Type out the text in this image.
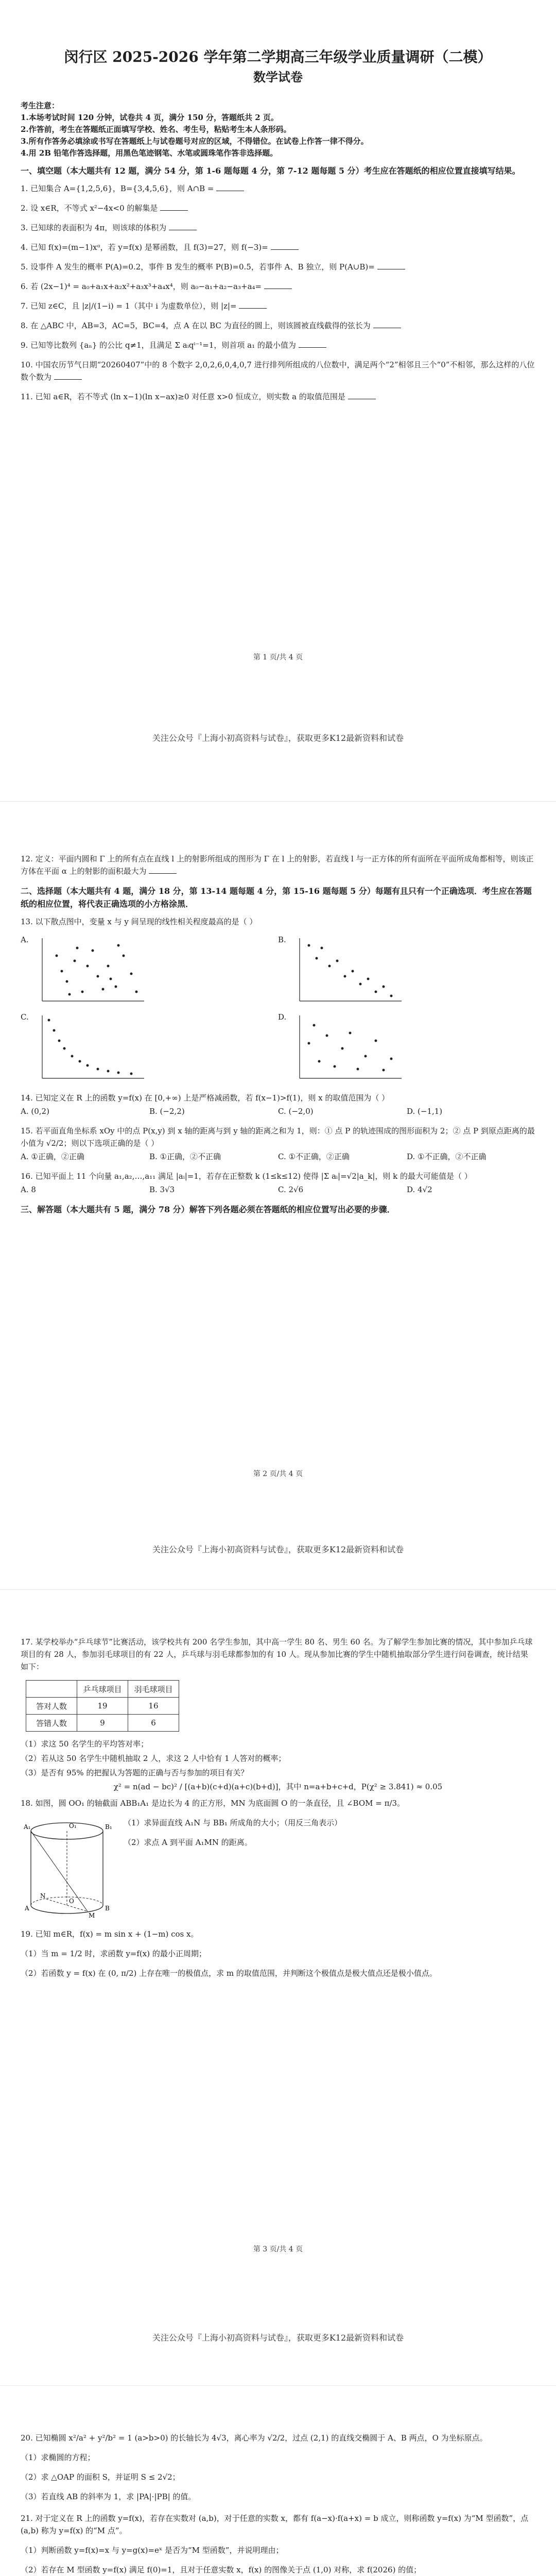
闵行区 2025-2026 学年第二学期高三年级学业质量调研（二模）

数学试卷

考生注意：

1.本场考试时间 120 分钟，试卷共 4 页，满分 150 分，答题纸共 2 页。

2.作答前，考生在答题纸正面填写学校、姓名、考生号，粘贴考生本人条形码。

3.所有作答务必填涂或书写在答题纸上与试卷题号对应的区域，不得错位。在试卷上作答一律不得分。

4.用 2B 铅笔作答选择题，用黑色笔迹钢笔、水笔或圆珠笔作答非选择题。

一、填空题（本大题共有 12 题，满分 54 分，第 1-6 题每题 4 分，第 7-12 题每题 5 分）考生应在答题纸的相应位置直接填写结果。

1. 已知集合 A={1,2,5,6}，B={3,4,5,6}，则 A∩B =

2. 设 x∈R，不等式 x²−4x<0 的解集是

3. 已知球的表面积为 4π，则该球的体积为

4. 已知 f(x)=(m−1)xᵅ，若 y=f(x) 是幂函数，且 f(3)=27，则 f(−3)=

5. 设事件 A 发生的概率 P(A)=0.2，事件 B 发生的概率 P(B)=0.5，若事件 A、B 独立，则 P(A∪B)=

6. 若 (2x−1)⁴ = a₀+a₁x+a₂x²+a₃x³+a₄x⁴，则 a₀−a₁+a₂−a₃+a₄=

7. 已知 z∈C，且 |z|/(1−i) = 1（其中 i 为虚数单位），则 |z|=

8. 在 △ABC 中，AB=3，AC=5，BC=4，点 A 在以 BC 为直径的圆上，则该圆被直线截得的弦长为

9. 已知等比数列 {aₙ} 的公比 q≠1，且满足 Σ aᵢqⁱ⁻¹=1，则首项 a₁ 的最小值为

10. 中国农历节气日期“20260407”中的 8 个数字 2,0,2,6,0,4,0,7 进行排列所组成的八位数中，满足两个“2”相邻且三个“0”不相邻，那么这样的八位数个数为

11. 已知 a∈R，若不等式 (ln x−1)(ln x−ax)≥0 对任意 x>0 恒成立，则实数 a 的取值范围是

第 1 页/共 4 页
关注公众号『上海小初高资料与试卷』，获取更多K12最新资料和试卷

12. 定义：平面内圆和 Γ 上的所有点在直线 l 上的射影所组成的图形为 Γ 在 l 上的射影，若直线 l 与一正方体的所有面所在平面所成角都相等，则该正方体在平面 α 上的射影的面积最大为

二、选择题（本大题共有 4 题，满分 18 分，第 13-14 题每题 4 分，第 15-16 题每题 5 分）每题有且只有一个正确选项．考生应在答题纸的相应位置，将代表正确选项的小方格涂黑．

13. 以下散点图中，变量 x 与 y 间呈现的线性相关程度最高的是（ ）

A.	B.
C.	D.

14. 已知定义在 R 上的函数 y=f(x) 在 [0,+∞) 上是严格减函数，若 f(x−1)>f(1)，则 x 的取值范围为（ ）

A. (0,2)	B. (−2,2)	C. (−2,0)	D. (−1,1)

15. 若平面直角坐标系 xOy 中的点 P(x,y) 到 x 轴的距离与到 y 轴的距离之和为 1，则：① 点 P 的轨迹围成的图形面积为 2；② 点 P 到原点距离的最小值为 √2/2；则以下选项正确的是（ ）

A. ①正确，②正确	B. ①正确，②不正确	C. ①不正确，②正确	D. ①不正确，②不正确

16. 已知平面上 11 个向量 a₁,a₂,…,a₁₁ 满足 |aᵢ|=1，若存在正整数 k (1≤k≤12) 使得 |Σ aᵢ|=√2|a_k|，则 k 的最大可能值是（ ）

A. 8	B. 3√3	C. 2√6	D. 4√2

三、解答题（本大题共有 5 题，满分 78 分）解答下列各题必须在答题纸的相应位置写出必要的步骤．

第 2 页/共 4 页
关注公众号『上海小初高资料与试卷』，获取更多K12最新资料和试卷

17. 某学校举办“乒乓球节”比赛活动，该学校共有 200 名学生参加，其中高一学生 80 名、男生 60 名。为了解学生参加比赛的情况，其中参加乒乓球项目的有 28 人，参加羽毛球项目的有 22 人，乒乓球与羽毛球都参加的有 10 人。现从参加比赛的学生中随机抽取部分学生进行问卷调查，统计结果如下：

	乒乓球项目	羽毛球项目
答对人数	19	16
答错人数	9	6

（1）求这 50 名学生的平均答对率；

（2）若从这 50 名学生中随机抽取 2 人，求这 2 人中恰有 1 人答对的概率；

（3）是否有 95% 的把握认为答题的正确与否与参加的项目有关？

χ² = n(ad − bc)² / [(a+b)(c+d)(a+c)(b+d)]，其中 n=a+b+c+d，P(χ² ≥ 3.841) ≈ 0.05

18. 如图，圆 OO₁ 的轴截面 ABB₁A₁ 是边长为 4 的正方形，MN 为底面圆 O 的一条直径，且 ∠BOM = π/3。

A₁	B₁
A	B
O₁
O
M
N

（1）求异面直线 A₁N 与 BB₁ 所成角的大小；（用反三角表示）

（2）求点 A 到平面 A₁MN 的距离。

19. 已知 m∈R，f(x) = m sin x + (1−m) cos x。

（1）当 m = 1/2 时，求函数 y=f(x) 的最小正周期；

（2）若函数 y = f(x) 在 (0, π/2) 上存在唯一的极值点，求 m 的取值范围，并判断这个极值点是极大值点还是极小值点。

第 3 页/共 4 页
关注公众号『上海小初高资料与试卷』，获取更多K12最新资料和试卷

20. 已知椭圆 x²/a² + y²/b² = 1 (a>b>0) 的长轴长为 4√3，离心率为 √2/2，过点 (2,1) 的直线交椭圆于 A、B 两点，O 为坐标原点。

（1）求椭圆的方程；

（2）求 △OAP 的面积 S，并证明 S ≤ 2√2；

（3）若直线 AB 的斜率为 1，求 |PA|·|PB| 的值。

21. 对于定义在 R 上的函数 y=f(x)，若存在实数对 (a,b)，对于任意的实数 x，都有 f(a−x)·f(a+x) = b 成立，则称函数 y=f(x) 为“M 型函数”，点 (a,b) 称为 y=f(x) 的“M 点”。

（1）判断函数 y=f(x)=x 与 y=g(x)=eˣ 是否为“M 型函数”，并说明理由；

（2）若存在 M 型函数 y=f(x) 满足 f(0)=1，且对于任意实数 x，f(x) 的图像关于点 (1,0) 对称，求 f(2026) 的值；
